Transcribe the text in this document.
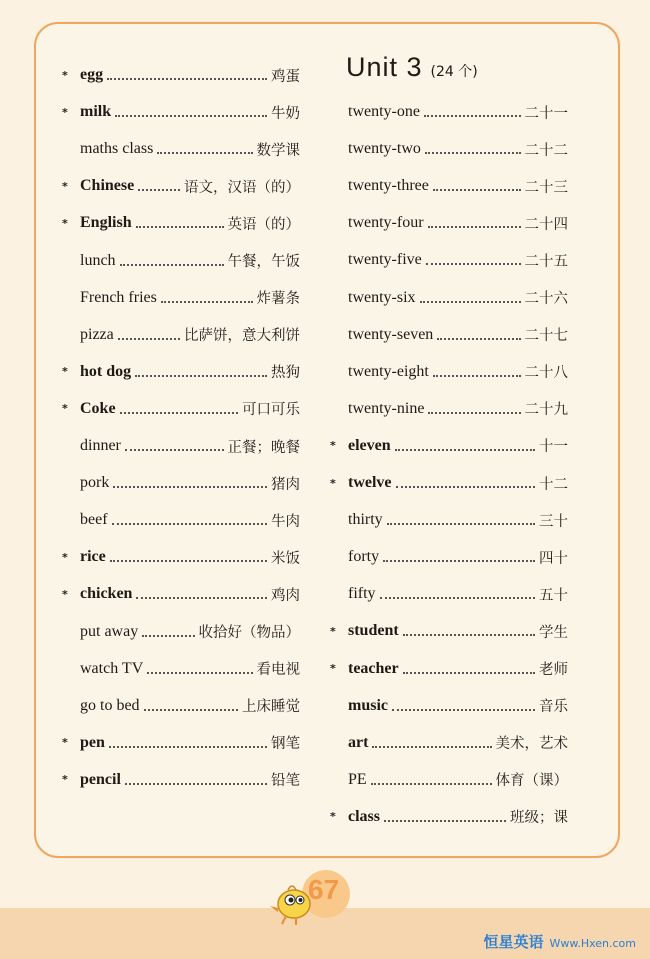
Unit 3 (24 个)
* egg	鸡蛋
* milk	牛奶
maths class	数学课
* Chinese	语文，汉语（的）
* English	英语（的）
lunch	午餐，午饭
French fries	炸薯条
pizza	比萨饼，意大利饼
* hot dog	热狗
* Coke	可口可乐
dinner	正餐；晚餐
pork	猪肉
beef	牛肉
* rice	米饭
* chicken	鸡肉
put away	收拾好（物品）
watch TV	看电视
go to bed	上床睡觉
* pen	钢笔
* pencil	铅笔
twenty-one	二十一
twenty-two	二十二
twenty-three	二十三
twenty-four	二十四
twenty-five	二十五
twenty-six	二十六
twenty-seven	二十七
twenty-eight	二十八
twenty-nine	二十九
* eleven	十一
* twelve	十二
thirty	三十
forty	四十
fifty	五十
* student	学生
* teacher	老师
music	音乐
art	美术，艺术
PE	体育（课）
* class	班级；课
67
恒星英语 Www.Hxen.com
